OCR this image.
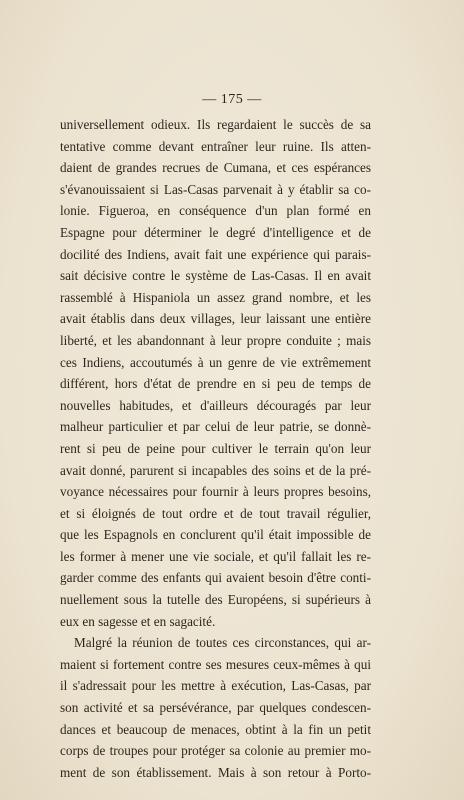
— 175 —
universellement odieux. Ils regardaient le succès de sa
tentative comme devant entraîner leur ruine. Ils atten-
daient de grandes recrues de Cumana, et ces espérances
s'évanouissaient si Las-Casas parvenait à y établir sa co-
lonie. Figueroa, en conséquence d'un plan formé en
Espagne pour déterminer le degré d'intelligence et de
docilité des Indiens, avait fait une expérience qui parais-
sait décisive contre le système de Las-Casas. Il en avait
rassemblé à Hispaniola un assez grand nombre, et les
avait établis dans deux villages, leur laissant une entière
liberté, et les abandonnant à leur propre conduite ; mais
ces Indiens, accoutumés à un genre de vie extrêmement
différent, hors d'état de prendre en si peu de temps de
nouvelles habitudes, et d'ailleurs découragés par leur
malheur particulier et par celui de leur patrie, se donnè-
rent si peu de peine pour cultiver le terrain qu'on leur
avait donné, parurent si incapables des soins et de la pré-
voyance nécessaires pour fournir à leurs propres besoins,
et si éloignés de tout ordre et de tout travail régulier,
que les Espagnols en conclurent qu'il était impossible de
les former à mener une vie sociale, et qu'il fallait les re-
garder comme des enfants qui avaient besoin d'être conti-
nuellement sous la tutelle des Européens, si supérieurs à
eux en sagesse et en sagacité.
Malgré la réunion de toutes ces circonstances, qui ar-
maient si fortement contre ses mesures ceux-mêmes à qui
il s'adressait pour les mettre à exécution, Las-Casas, par
son activité et sa persévérance, par quelques condescen-
dances et beaucoup de menaces, obtint à la fin un petit
corps de troupes pour protéger sa colonie au premier mo-
ment de son établissement. Mais à son retour à Porto-
